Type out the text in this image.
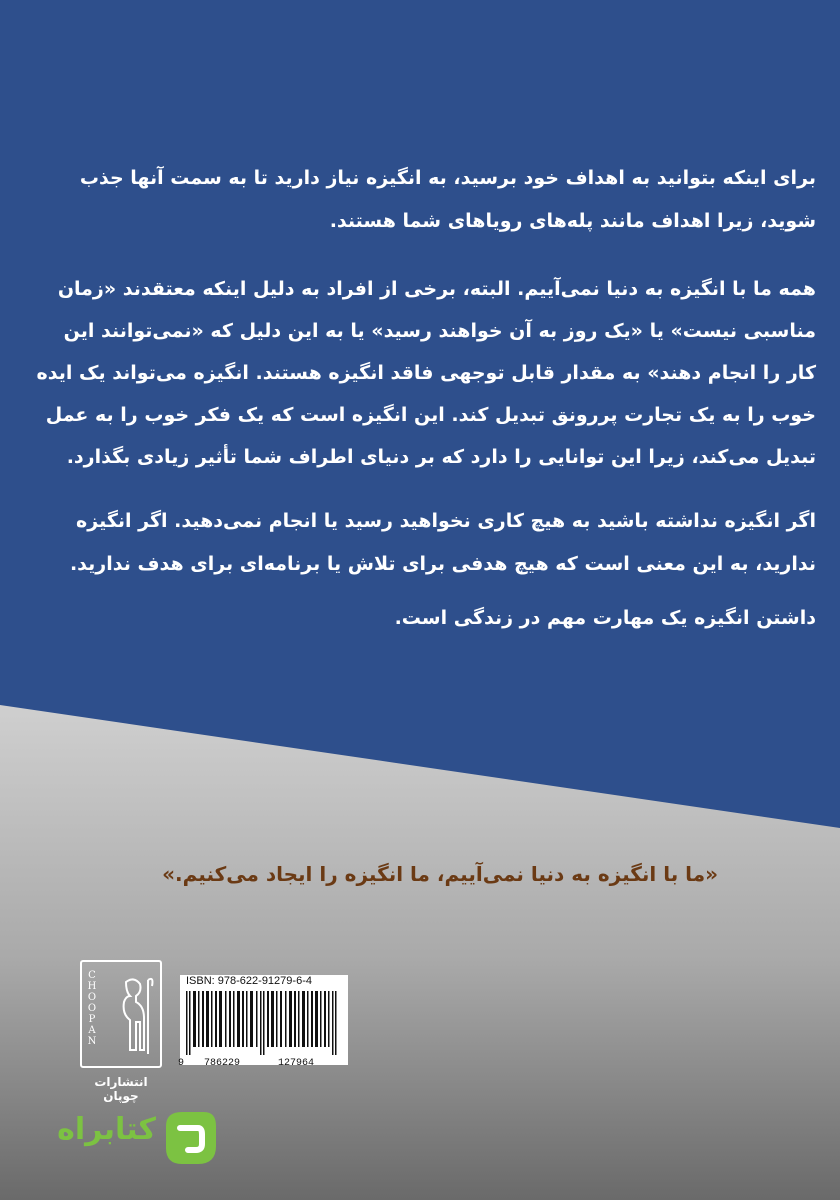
برای اینکه بتوانید به اهداف خود برسید، به انگیزه نیاز دارید تا به سمت آنها جذب شوید، زیرا اهداف مانند پله‌های رویاهای شما هستند.

همه ما با انگیزه به دنیا نمی‌آییم. البته، برخی از افراد به دلیل اینکه معتقدند «زمان مناسبی نیست» یا «یک روز به آن خواهند رسید» یا به این دلیل که «نمی‌توانند این کار را انجام دهند» به مقدار قابل توجهی فاقد انگیزه هستند. انگیزه می‌تواند یک ایده خوب را به یک تجارت پررونق تبدیل کند. این انگیزه است که یک فکر خوب را به عمل تبدیل می‌کند، زیرا این توانایی را دارد که بر دنیای اطراف شما تأثیر زیادی بگذارد.

اگر انگیزه نداشته باشید به هیچ کاری نخواهید رسید یا انجام نمی‌دهید. اگر انگیزه ندارید، به این معنی است که هیچ هدفی برای تلاش یا برنامه‌ای برای هدف ندارید.

داشتن انگیزه یک مهارت مهم در زندگی است.

«ما با انگیزه به دنیا نمی‌آییم، ما انگیزه را ایجاد می‌کنیم.»
C
H
O
O
P
A
N
انتشارات چوپان
ISBN: 978-622-91279-6-4
9 786229	127964
کتابراه
